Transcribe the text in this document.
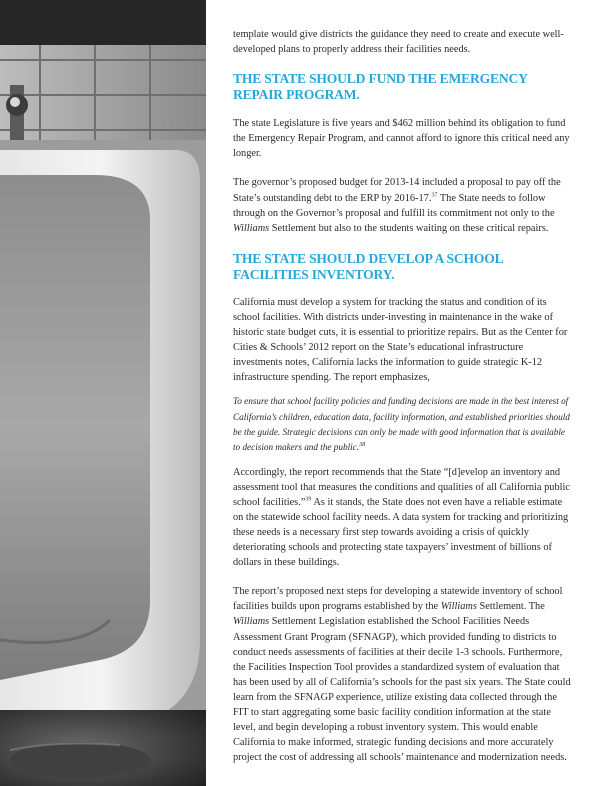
template would give districts the guidance they need to create and execute well-developed plans to properly address their facilities needs.

THE STATE SHOULD FUND THE EMERGENCY REPAIR PROGRAM.

The state Legislature is five years and $462 million behind its obligation to fund the Emergency Repair Program, and cannot afford to ignore this critical need any longer.

The governor’s proposed budget for 2013-14 included a proposal to pay off the State’s outstanding debt to the ERP by 2016-17.37 The State needs to follow through on the Governor’s proposal and fulfill its commitment not only to the Williams Settlement but also to the students waiting on these critical repairs.

THE STATE SHOULD DEVELOP A SCHOOL FACILITIES INVENTORY.

California must develop a system for tracking the status and condition of its school facilities. With districts under-investing in maintenance in the wake of historic state budget cuts, it is essential to prioritize repairs. But as the Center for Cities & Schools’ 2012 report on the State’s educational infrastructure investments notes, California lacks the information to guide strategic K-12 infrastructure spending. The report emphasizes,

To ensure that school facility policies and funding decisions are made in the best interest of California’s children, education data, facility information, and established priorities should be the guide. Strategic decisions can only be made with good information that is available to decision makers and the public.$^{38}$

Accordingly, the report recommends that the State “[d]evelop an inventory and assessment tool that measures the conditions and qualities of all California public school facilities.”$^{39}$ As it stands, the State does not even have a reliable estimate on the statewide school facility needs. A data system for tracking and prioritizing these needs is a necessary first step towards avoiding a crisis of quickly deteriorating schools and protecting state taxpayers’ investment of billions of dollars in these buildings.

The report’s proposed next steps for developing a statewide inventory of school facilities builds upon programs established by the Williams Settlement. The Williams Settlement Legislation established the School Facilities Needs Assessment Grant Program (SFNAGP), which provided funding to districts to conduct needs assessments of facilities at their decile 1-3 schools. Furthermore, the Facilities Inspection Tool provides a standardized system of evaluation that has been used by all of California’s schools for the past six years. The State could learn from the SFNAGP experience, utilize existing data collected through the FIT to start aggregating some basic facility condition information at the state level, and begin developing a robust inventory system. This would enable California to make informed, strategic funding decisions and more accurately project the cost of addressing all schools’ maintenance and modernization needs.
